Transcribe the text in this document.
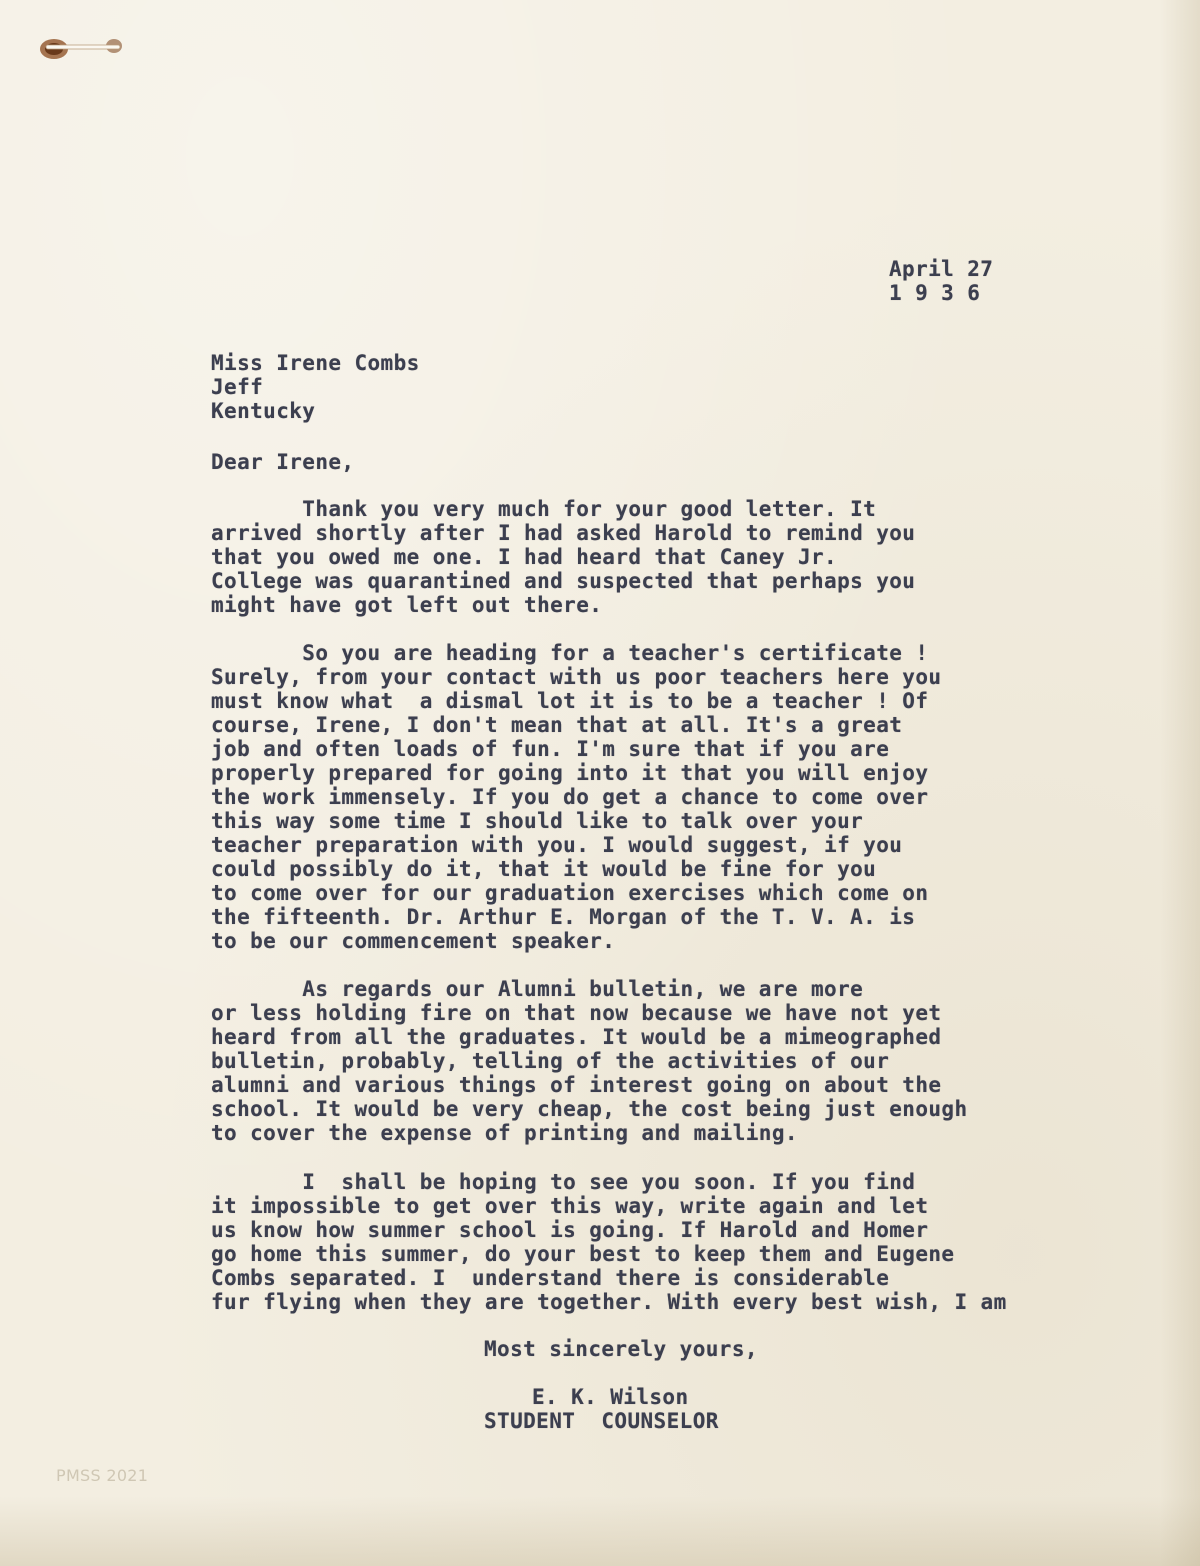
April 27
1 9 3 6
Miss Irene Combs
Jeff
Kentucky
Dear Irene,
Thank you very much for your good letter. It
arrived shortly after I had asked Harold to remind you
that you owed me one. I had heard that Caney Jr.
College was quarantined and suspected that perhaps you
might have got left out there.
So you are heading for a teacher's certificate !
Surely, from your contact with us poor teachers here you
must know what  a dismal lot it is to be a teacher ! Of
course, Irene, I don't mean that at all. It's a great
job and often loads of fun. I'm sure that if you are
properly prepared for going into it that you will enjoy
the work immensely. If you do get a chance to come over
this way some time I should like to talk over your
teacher preparation with you. I would suggest, if you
could possibly do it, that it would be fine for you
to come over for our graduation exercises which come on
the fifteenth. Dr. Arthur E. Morgan of the T. V. A. is
to be our commencement speaker.
As regards our Alumni bulletin, we are more
or less holding fire on that now because we have not yet
heard from all the graduates. It would be a mimeographed
bulletin, probably, telling of the activities of our
alumni and various things of interest going on about the
school. It would be very cheap, the cost being just enough
to cover the expense of printing and mailing.
I  shall be hoping to see you soon. If you find
it impossible to get over this way, write again and let
us know how summer school is going. If Harold and Homer
go home this summer, do your best to keep them and Eugene
Combs separated. I  understand there is considerable
fur flying when they are together. With every best wish, I am
Most sincerely yours,
E. K. Wilson
STUDENT  COUNSELOR
PMSS 2021
